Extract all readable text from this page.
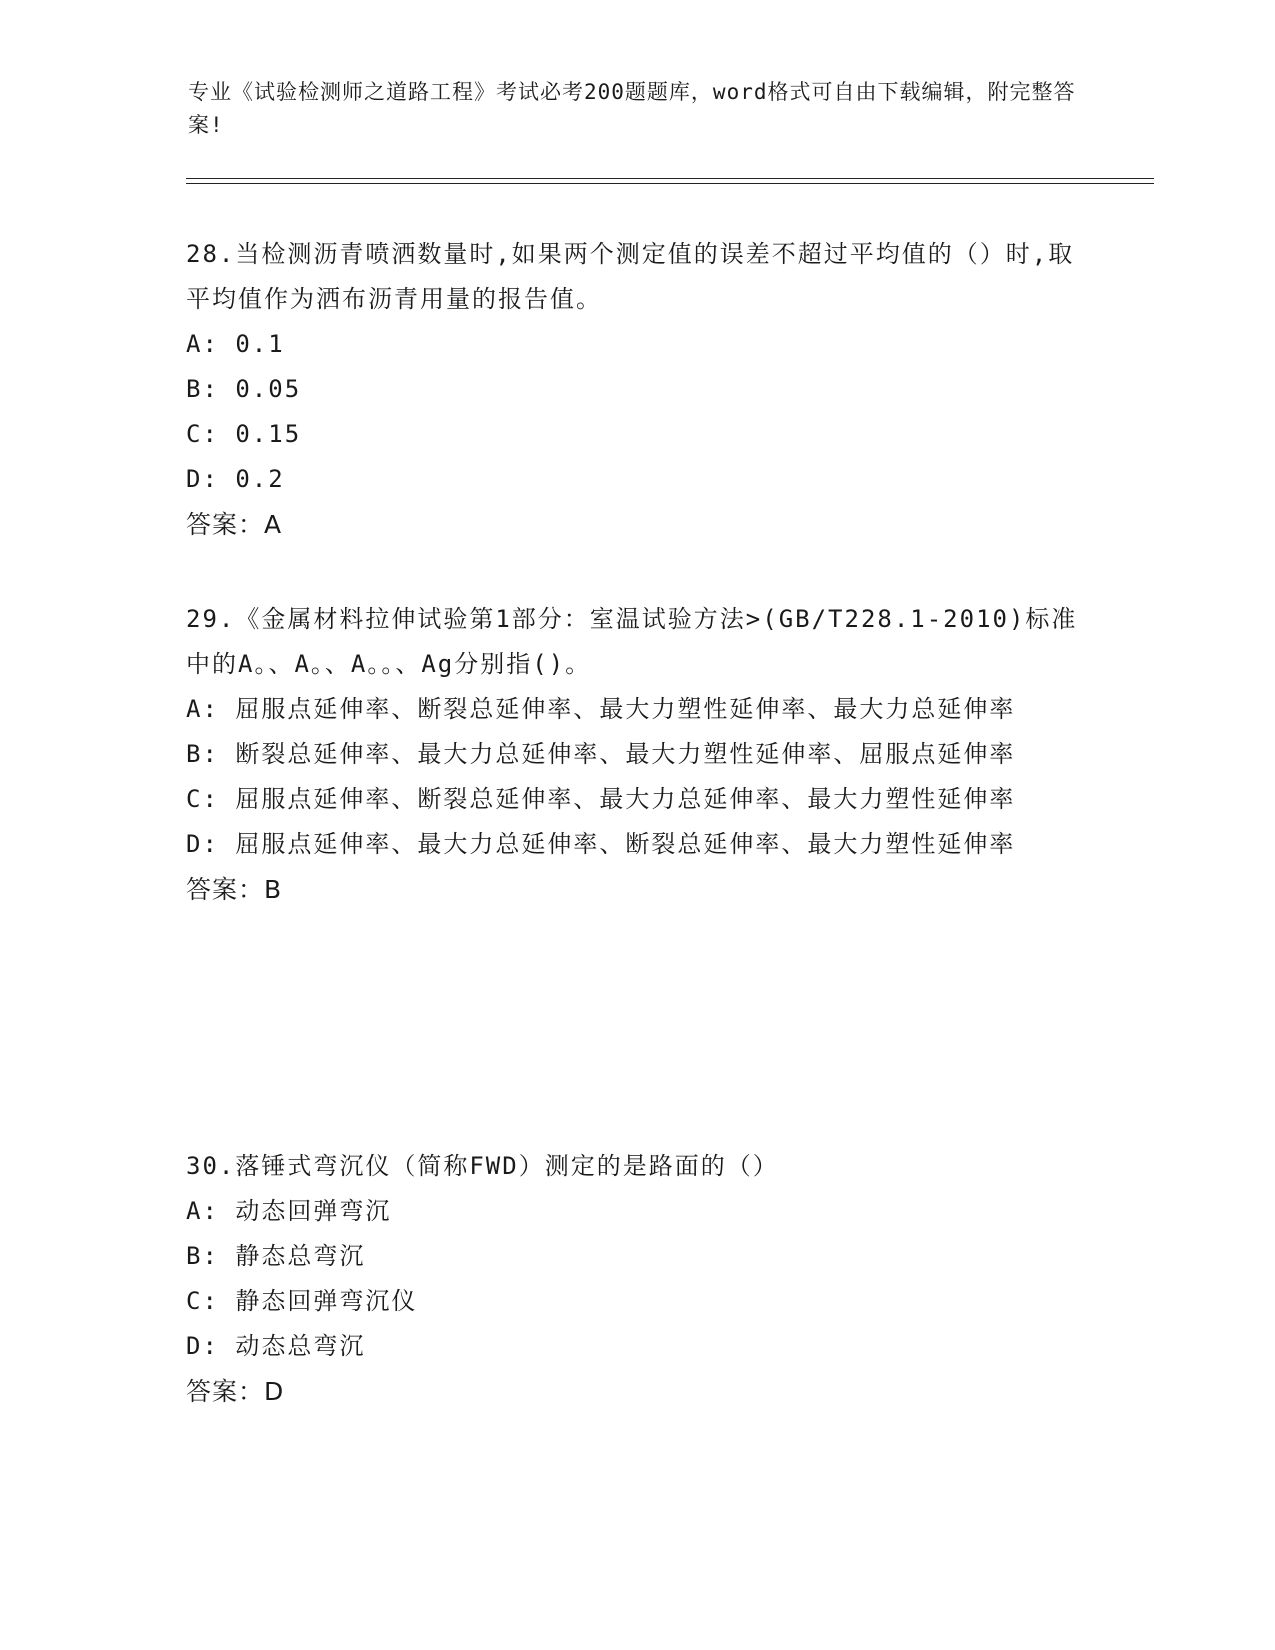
专业《试验检测师之道路工程》考试必考200题题库，word格式可自由下载编辑，附完整答案!
28.当检测沥青喷洒数量时,如果两个测定值的误差不超过平均值的（）时,取平均值作为洒布沥青用量的报告值。
A: 0.1
B: 0.05
C: 0.15
D: 0.2
答案：A
29.《金属材料拉伸试验第1部分：室温试验方法>(GB/T228.1-2010)标准中的A。、A。、A。。、Ag分别指()。
A: 屈服点延伸率、断裂总延伸率、最大力塑性延伸率、最大力总延伸率
B: 断裂总延伸率、最大力总延伸率、最大力塑性延伸率、屈服点延伸率
C: 屈服点延伸率、断裂总延伸率、最大力总延伸率、最大力塑性延伸率
D: 屈服点延伸率、最大力总延伸率、断裂总延伸率、最大力塑性延伸率
答案：B
30.落锤式弯沉仪（简称FWD）测定的是路面的（）
A: 动态回弹弯沉
B: 静态总弯沉
C: 静态回弹弯沉仪
D: 动态总弯沉
答案：D
